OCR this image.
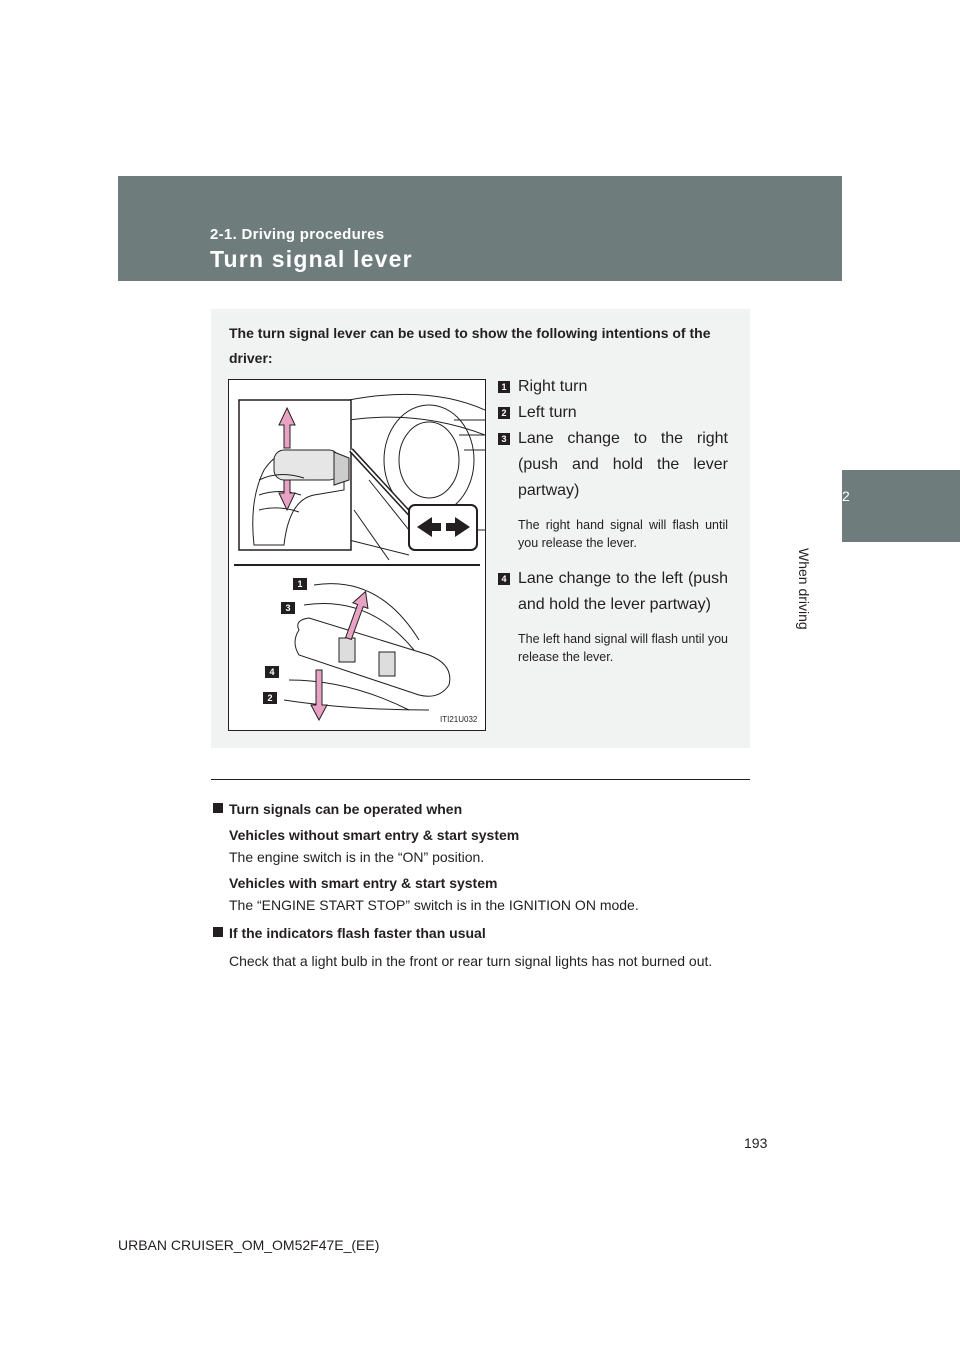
2-1. Driving procedures
Turn signal lever
2
When driving
The turn signal lever can be used to show the following intentions of the driver:
1
3
4
2
ITI21U032
1 Right turn
2 Left turn
3 Lane change to the right (push and hold the lever partway)
The right hand signal will flash until you release the lever.
4 Lane change to the left (push and hold the lever partway)
The left hand signal will flash until you release the lever.
Turn signals can be operated when
Vehicles without smart entry & start system
The engine switch is in the “ON” position.
Vehicles with smart entry & start system
The “ENGINE START STOP” switch is in the IGNITION ON mode.
If the indicators flash faster than usual
Check that a light bulb in the front or rear turn signal lights has not burned out.
193
URBAN CRUISER_OM_OM52F47E_(EE)
